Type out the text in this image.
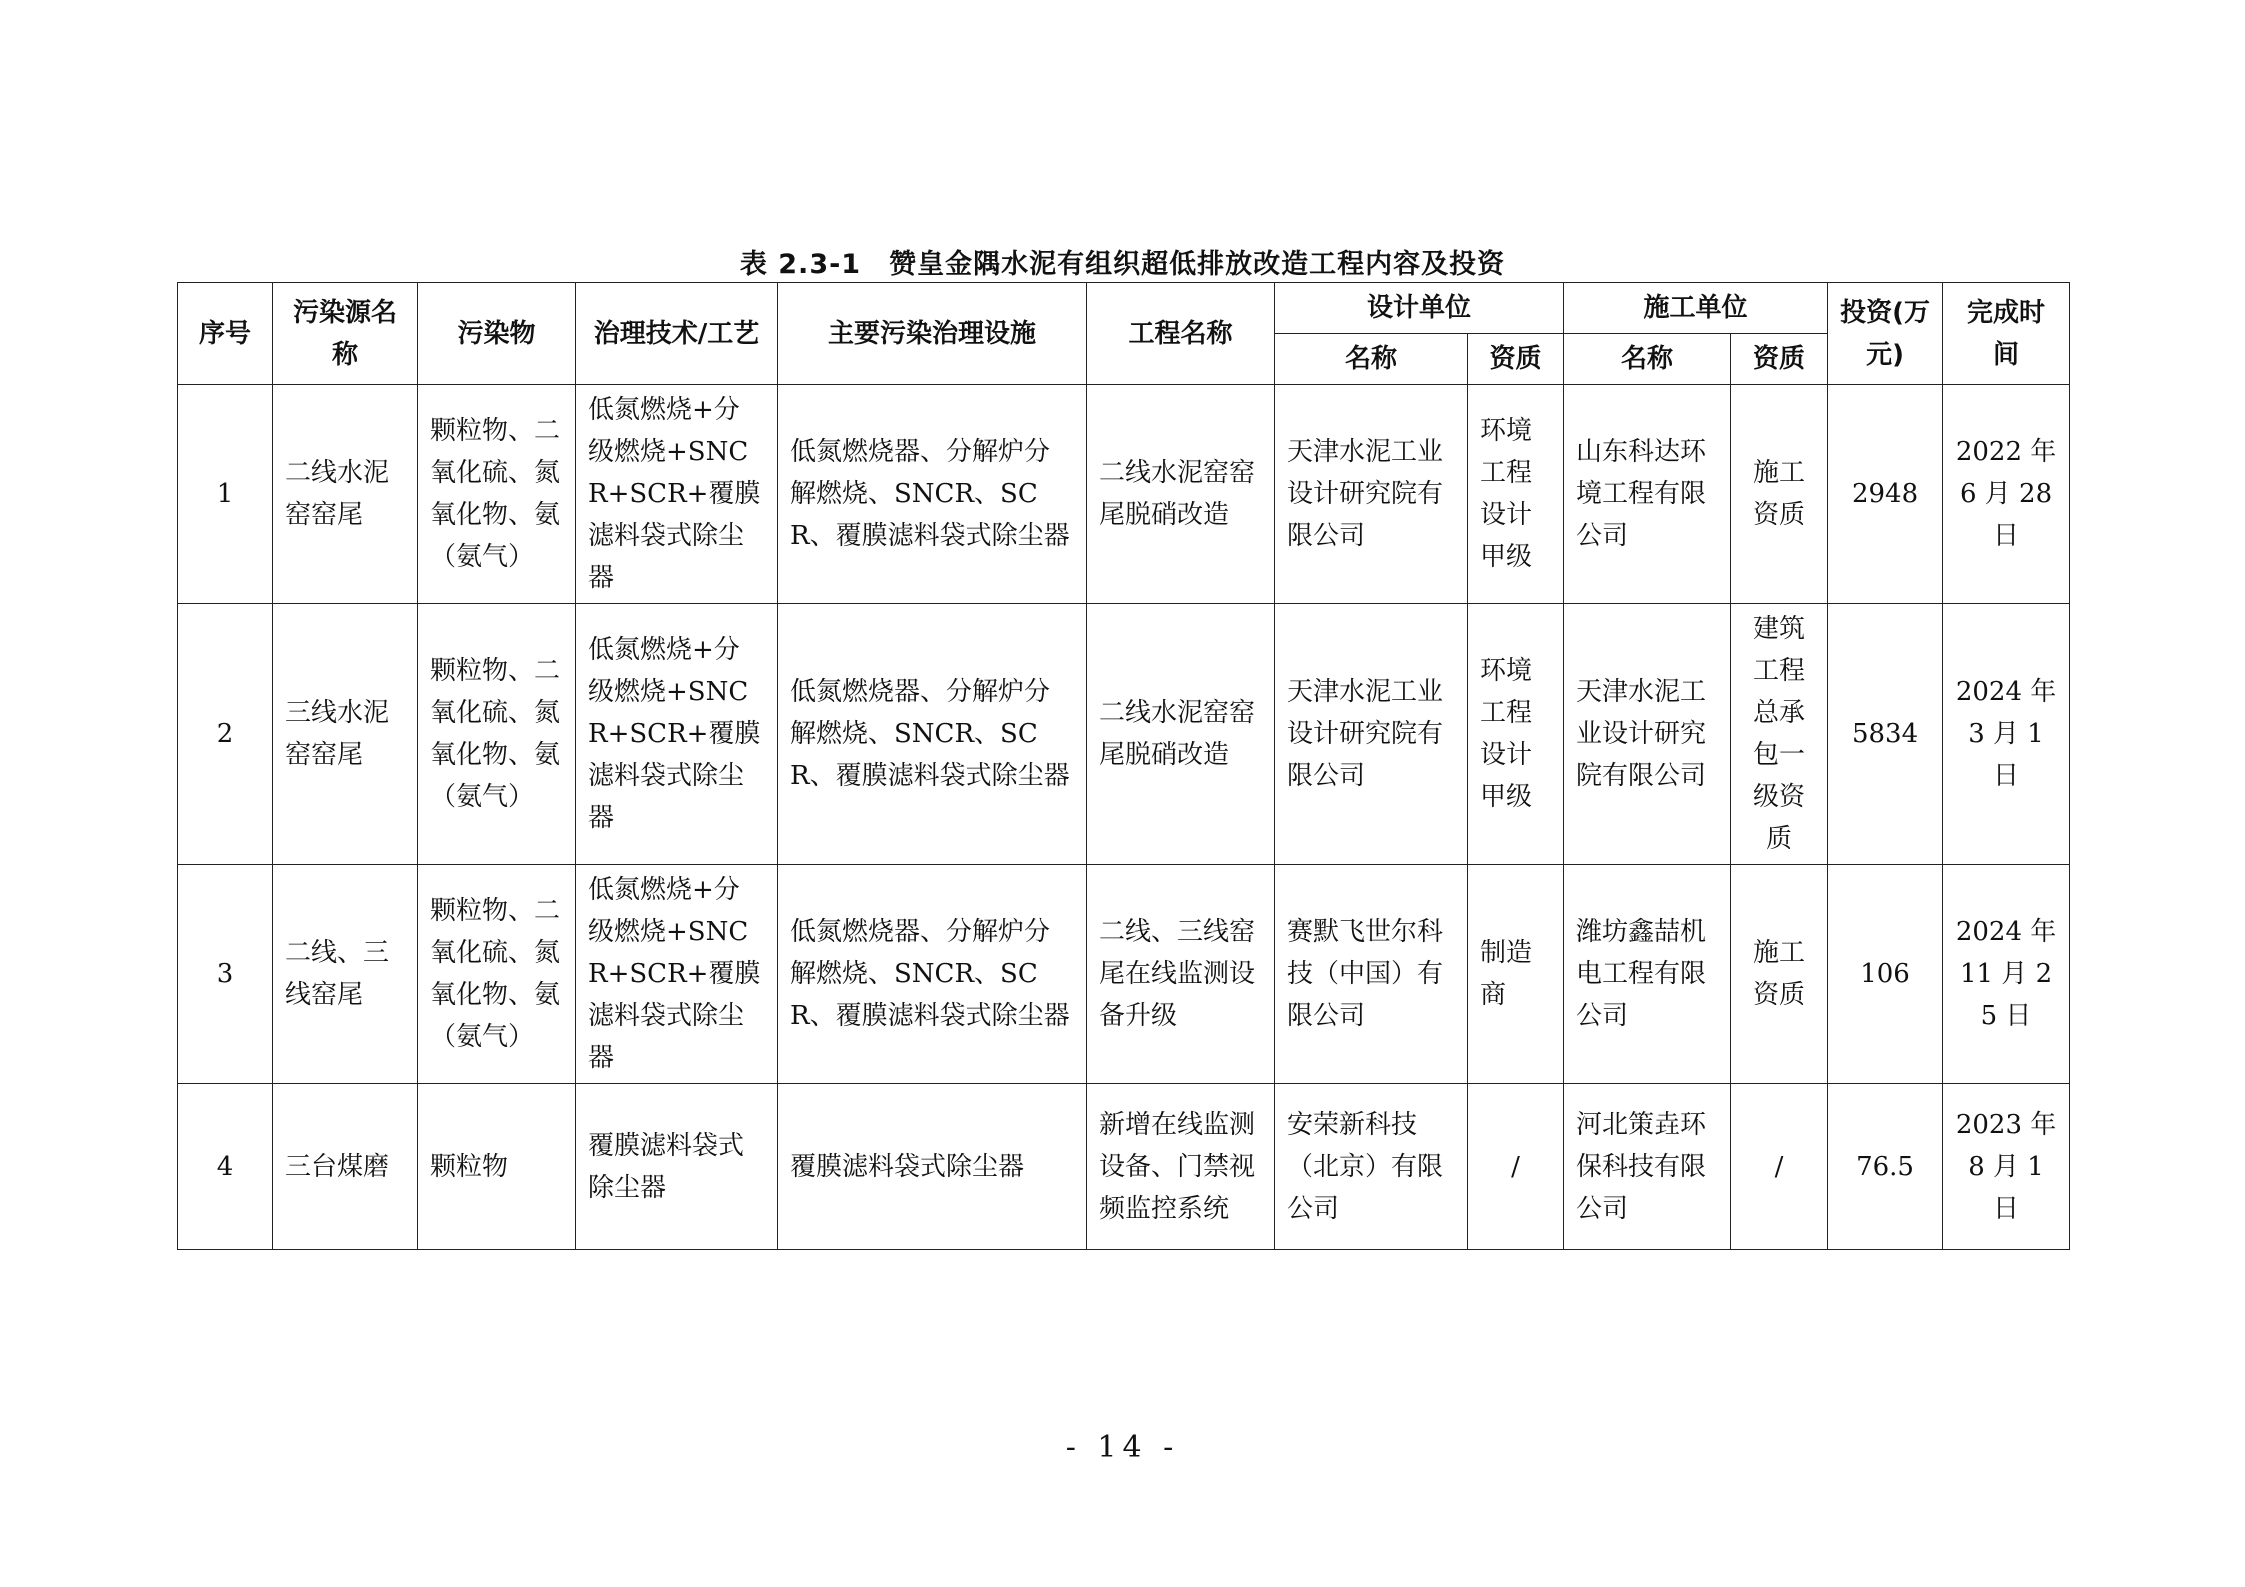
表 2.3-1 赞皇金隅水泥有组织超低排放改造工程内容及投资
序号	污染源名称	污染物	治理技术/工艺	主要污染治理设施	工程名称	设计单位		施工单位		投资(万元)	完成时间
						名称	资质	名称	资质		
1	二线水泥窑窑尾	颗粒物、二氧化硫、氮氧化物、氨（氨气）	低氮燃烧+分级燃烧+SNCR+SCR+覆膜滤料袋式除尘器	低氮燃烧器、分解炉分解燃烧、SNCR、SCR、覆膜滤料袋式除尘器	二线水泥窑窑尾脱硝改造	天津水泥工业设计研究院有限公司	环境工程设计甲级	山东科达环境工程有限公司	施工资质	2948	2022 年 6 月 28 日
2	三线水泥窑窑尾	颗粒物、二氧化硫、氮氧化物、氨（氨气）	低氮燃烧+分级燃烧+SNCR+SCR+覆膜滤料袋式除尘器	低氮燃烧器、分解炉分解燃烧、SNCR、SCR、覆膜滤料袋式除尘器	二线水泥窑窑尾脱硝改造	天津水泥工业设计研究院有限公司	环境工程设计甲级	天津水泥工业设计研究院有限公司	建筑工程总承包一级资质	5834	2024 年 3 月 1 日
3	二线、三线窑尾	颗粒物、二氧化硫、氮氧化物、氨（氨气）	低氮燃烧+分级燃烧+SNCR+SCR+覆膜滤料袋式除尘器	低氮燃烧器、分解炉分解燃烧、SNCR、SCR、覆膜滤料袋式除尘器	二线、三线窑尾在线监测设备升级	赛默飞世尔科技（中国）有限公司	制造商	潍坊鑫喆机电工程有限公司	施工资质	106	2024 年 11 月 25 日
4	三台煤磨	颗粒物	覆膜滤料袋式除尘器	覆膜滤料袋式除尘器	新增在线监测设备、门禁视频监控系统	安荣新科技（北京）有限公司	/	河北策垚环保科技有限公司	/	76.5	2023 年 8 月 1 日
- 14 -
